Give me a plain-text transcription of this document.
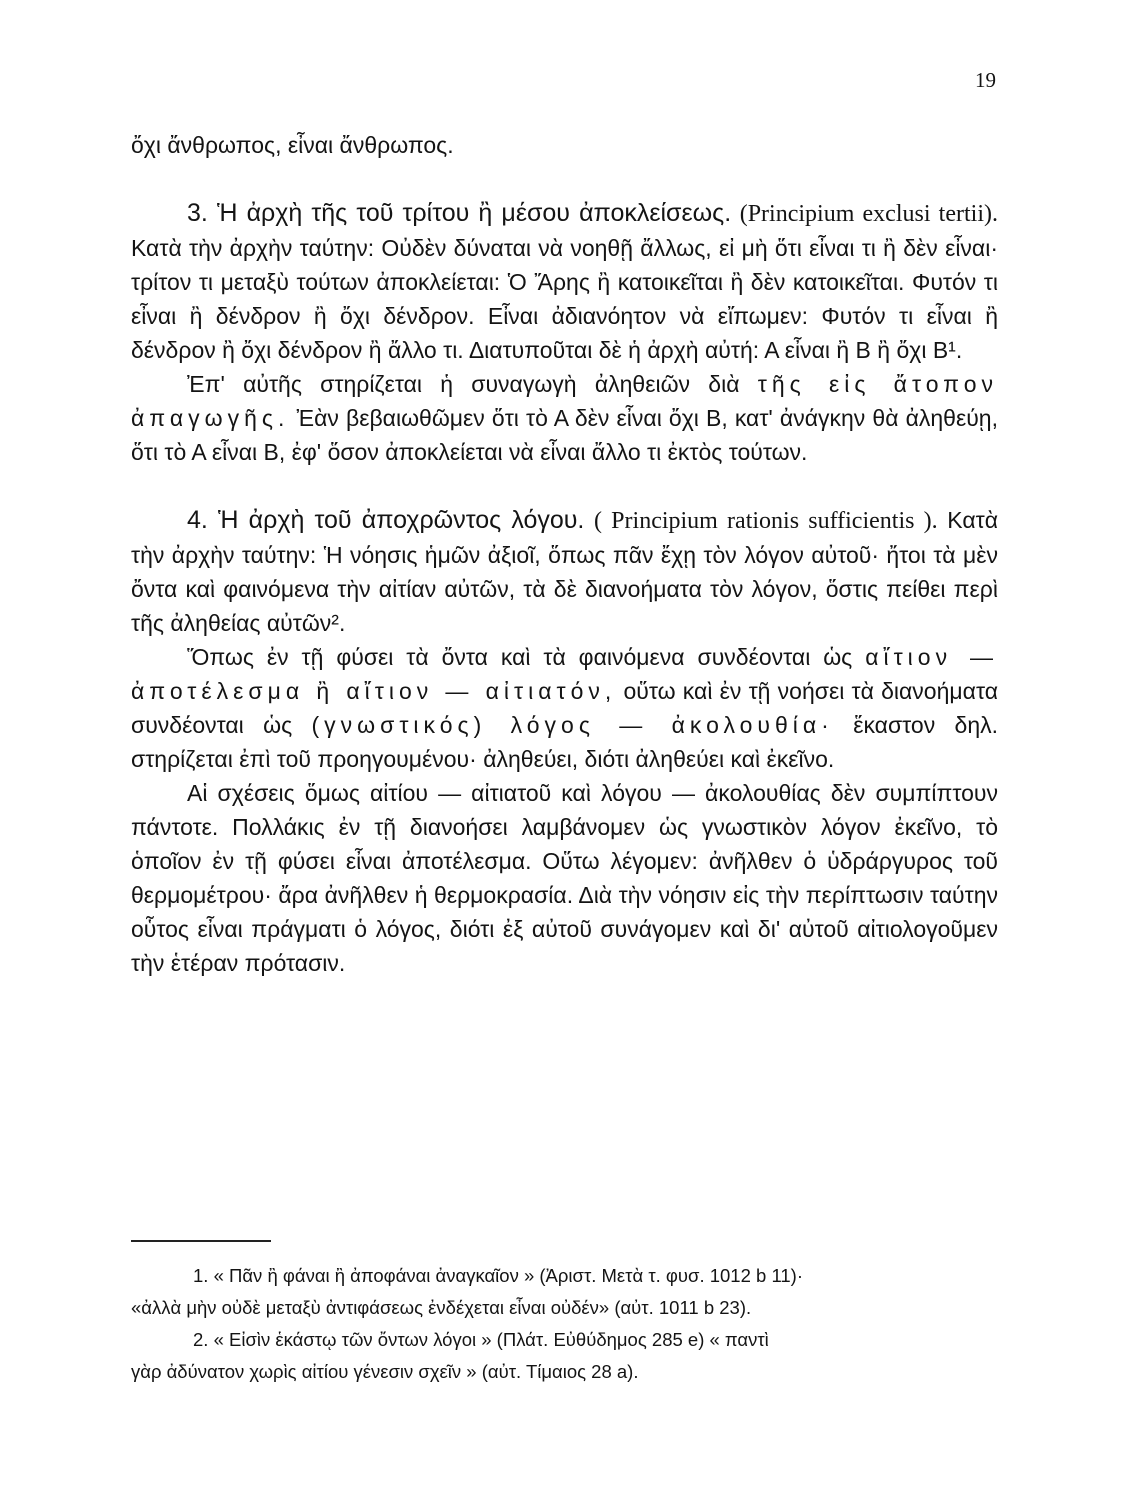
19

ὄχι ἄνθρωπος, εἶναι ἄνθρωπος.

3. Ἡ ἀρχὴ τῆς τοῦ τρίτου ἢ μέσου ἀποκλείσεως. (Principium exclusi tertii). Κατὰ τὴν ἀρχὴν ταύτην: Οὐδὲν δύναται νὰ νοηθῇ ἄλλως, εἰ μὴ ὅτι εἶναι τι ἢ δὲν εἶναι· τρίτον τι μεταξὺ τούτων ἀποκλείεται: Ὁ Ἄρης ἢ κατοικεῖται ἢ δὲν κατοικεῖται. Φυτόν τι εἶναι ἢ δένδρον ἢ ὄχι δένδρον. Εἶναι ἀδιανόητον νὰ εἴπωμεν: Φυτόν τι εἶναι ἢ δένδρον ἢ ὄχι δένδρον ἢ ἄλλο τι. Διατυποῦται δὲ ἡ ἀρχὴ αὐτή: Α εἶναι ἢ Β ἢ ὄχι Β¹.

Ἐπ' αὐτῆς στηρίζεται ἡ συναγωγὴ ἀληθειῶν διὰ τῆς εἰς ἄτοπον ἀπαγωγῆς. Ἐὰν βεβαιωθῶμεν ὅτι τὸ Α δὲν εἶναι ὄχι Β, κατ' ἀνάγκην θὰ ἀληθεύῃ, ὅτι τὸ Α εἶναι Β, ἐφ' ὅσον ἀποκλείεται νὰ εἶναι ἄλλο τι ἐκτὸς τούτων.

4. Ἡ ἀρχὴ τοῦ ἀποχρῶντος λόγου. ( Principium rationis sufficientis ). Κατὰ τὴν ἀρχὴν ταύτην: Ἡ νόησις ἡμῶν ἀξιοῖ, ὅπως πᾶν ἔχῃ τὸν λόγον αὐτοῦ· ἤτοι τὰ μὲν ὄντα καὶ φαινόμενα τὴν αἰτίαν αὐτῶν, τὰ δὲ διανοήματα τὸν λόγον, ὅστις πείθει περὶ τῆς ἀληθείας αὐτῶν².

Ὅπως ἐν τῇ φύσει τὰ ὄντα καὶ τὰ φαινόμενα συνδέονται ὡς αἴτιον — ἀποτέλεσμα ἢ αἴτιον — αἰτιατόν, οὕτω καὶ ἐν τῇ νοήσει τὰ διανοήματα συνδέονται ὡς (γνωστικός) λόγος — ἀκολουθία· ἕκαστον δηλ. στηρίζεται ἐπὶ τοῦ προηγουμένου· ἀληθεύει, διότι ἀληθεύει καὶ ἐκεῖνο.

Αἱ σχέσεις ὅμως αἰτίου — αἰτιατοῦ καὶ λόγου — ἀκολουθίας δὲν συμπίπτουν πάντοτε. Πολλάκις ἐν τῇ διανοήσει λαμβάνομεν ὡς γνωστικὸν λόγον ἐκεῖνο, τὸ ὁποῖον ἐν τῇ φύσει εἶναι ἀποτέλεσμα. Οὕτω λέγομεν: ἀνῆλθεν ὁ ὑδράργυρος τοῦ θερμομέτρου· ἄρα ἀνῆλθεν ἡ θερμοκρασία. Διὰ τὴν νόησιν εἰς τὴν περίπτωσιν ταύτην οὗτος εἶναι πράγματι ὁ λόγος, διότι ἐξ αὐτοῦ συνάγομεν καὶ δι' αὐτοῦ αἰτιολογοῦμεν τὴν ἑτέραν πρότασιν.

1. « Πᾶν ἢ φάναι ἢ ἀποφάναι ἀναγκαῖον » (Ἀριστ. Μετὰ τ. φυσ. 1012 b 11)·

«ἀλλὰ μὴν οὐδὲ μεταξὺ ἀντιφάσεως ἐνδέχεται εἶναι οὐδέν» (αὐτ. 1011 b 23).

2. « Εἰσὶν ἑκάστῳ τῶν ὄντων λόγοι » (Πλάτ. Εὐθύδημος 285 e) « παντὶ

γὰρ ἀδύνατον χωρὶς αἰτίου γένεσιν σχεῖν » (αὐτ. Τίμαιος 28 a).
